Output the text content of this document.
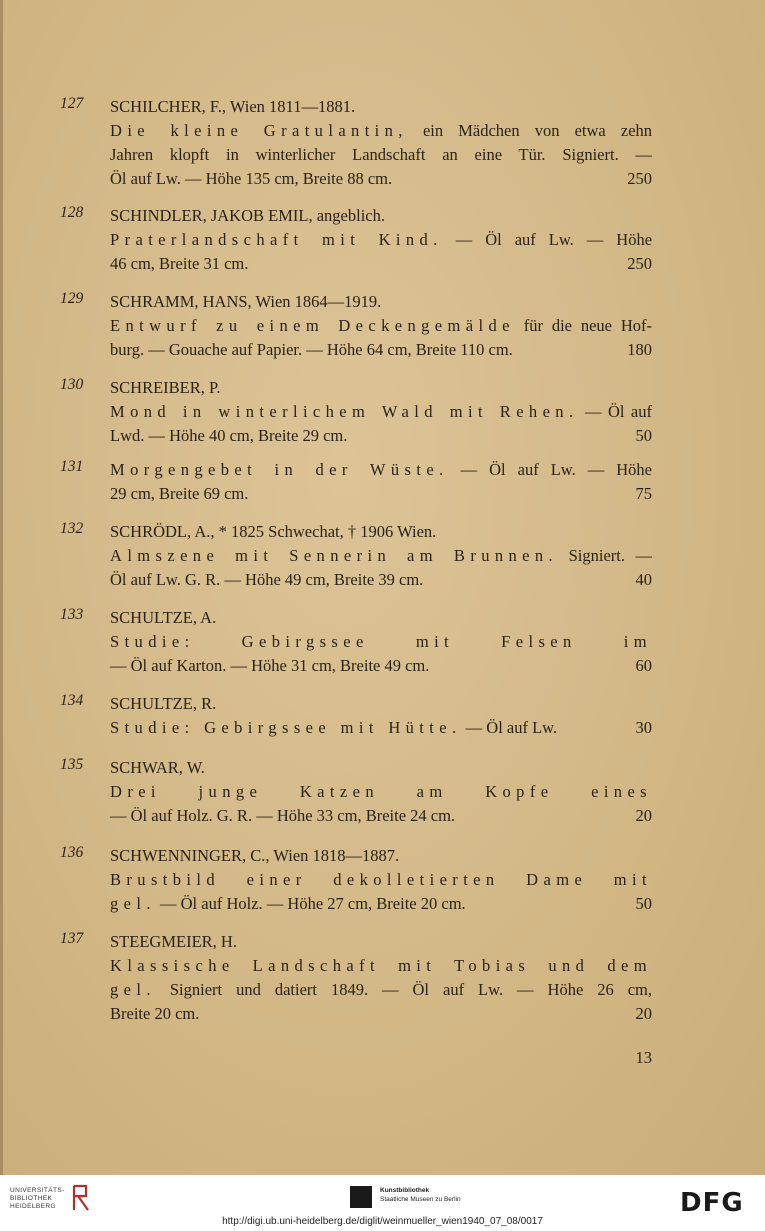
127	SCHILCHER, F., Wien 1811—1881.
Die kleine Gratulantin, ein Mädchen von etwa zehn
Jahren klopft in winterlicher Landschaft an eine Tür. Signiert. —
Öl auf Lw. — Höhe 135 cm, Breite 88 cm.	250
128	SCHINDLER, JAKOB EMIL, angeblich.
Praterlandschaft mit Kind. — Öl auf Lw. — Höhe
46 cm, Breite 31 cm.	250
129	SCHRAMM, HANS, Wien 1864—1919.
Entwurf zu einem Deckengemälde für die neue Hof-
burg. — Gouache auf Papier. — Höhe 64 cm, Breite 110 cm.	180
130	SCHREIBER, P.
Mond in winterlichem Wald mit Rehen. — Öl auf
Lwd. — Höhe 40 cm, Breite 29 cm.	50
131	Morgengebet in der Wüste. — Öl auf Lw. — Höhe
29 cm, Breite 69 cm.	75
132	SCHRÖDL, A., * 1825 Schwechat, † 1906 Wien.
Almszene mit Sennerin am Brunnen. Signiert. —
Öl auf Lw. G. R. — Höhe 49 cm, Breite 39 cm.	40
133	SCHULTZE, A.
Studie: Gebirgssee mit Felsen im
— Öl auf Karton. — Höhe 31 cm, Breite 49 cm.	60
134	SCHULTZE, R.
Studie: Gebirgssee mit Hütte. — Öl auf Lw.	30
135	SCHWAR, W.
Drei junge Katzen am Kopfe eines
— Öl auf Holz. G. R. — Höhe 33 cm, Breite 24 cm.	20
136	SCHWENNINGER, C., Wien 1818—1887.
Brustbild einer dekolletierten Dame mit
gel. — Öl auf Holz. — Höhe 27 cm, Breite 20 cm.	50
137	STEEGMEIER, H.
Klassische Landschaft mit Tobias und dem
gel. Signiert und datiert 1849. — Öl auf Lw. — Höhe 26 cm,
Breite 20 cm.	20
13
UNIVERSITÄTS-
BIBLIOTHEK
HEIDELBERG
Kunstbibliothek
Staatliche Museen zu Berlin	DFG
http://digi.ub.uni-heidelberg.de/diglit/weinmueller_wien1940_07_08/0017
